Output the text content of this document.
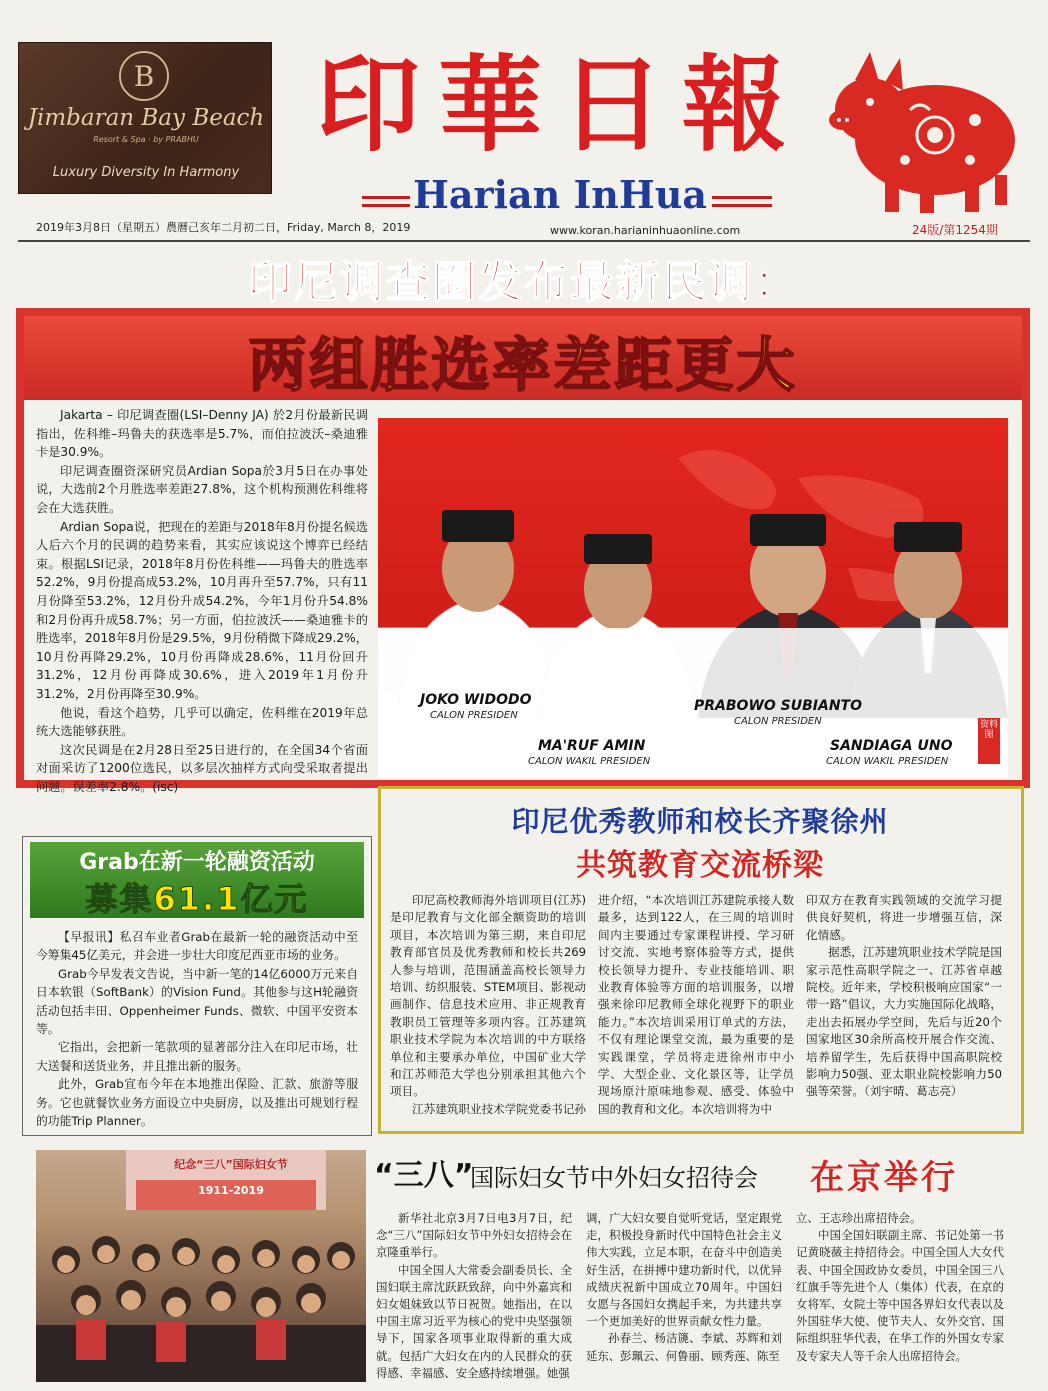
B
Jimbaran Bay Beach
Resort & Spa · by PRABHU
Luxury Diversity In Harmony
印華日報
Harian InHua
2019年3月8日（星期五）農曆己亥年二月初二日，Friday, March 8，2019	www.koran.harianinhuaonline.com	24版/第1254期
印尼调查圈发布最新民调：
两组胜选率差距更大

Jakarta – 印尼调查圈(LSI–Denny JA) 於2月份最新民调指出，佐科维–玛鲁夫的获选率是5.7%，而伯拉波沃–桑迪雅卡是30.9%。

印尼调查圈资深研究员Ardian Sopa於3月5日在办事处说，大选前2个月胜选率差距27.8%，这个机构预测佐科维将会在大选获胜。

Ardian Sopa说，把现在的差距与2018年8月份提名候选人后六个月的民调的趋势来看，其实应该说这个博弈已经结束。根据LSI记录，2018年8月份佐科维——玛鲁夫的胜选率52.2%，9月份提高成53.2%，10月再升至57.7%，只有11月份降至53.2%，12月份升成54.2%，今年1月份升54.8%和2月份再升成58.7%；另一方面，伯拉波沃——桑迪雅卡的胜选率，2018年8月份是29.5%，9月份稍微下降成29.2%，10月份再降29.2%，10月份再降成28.6%，11月份回升31.2%，12月份再降成30.6%，进入2019年1月份升31.2%，2月份再降至30.9%。

他说，看这个趋势，几乎可以确定，佐科维在2019年总统大选能够获胜。

这次民调是在2月28日至25日进行的，在全国34个省面对面采访了1200位选民，以多层次抽样方式向受采取者提出问题。误差率2.8%。(isc)

JOKO WIDODO
CALON PRESIDEN
MA'RUF AMIN
CALON WAKIL PRESIDEN
PRABOWO SUBIANTO
CALON PRESIDEN
SANDIAGA UNO
CALON WAKIL PRESIDEN
资料图
印尼优秀教师和校长齐聚徐州
共筑教育交流桥梁

印尼高校教师海外培训项目(江苏)是印尼教育与文化部全额资助的培训项目，本次培训为第三期，来自印尼教育部官员及优秀教师和校长共269人参与培训，范围涵盖高校长领导力培训、纺织服装、STEM项目、影视动画制作、信息技术应用、非正规教育教职员工管理等多项内容。江苏建筑职业技术学院为本次培训的中方联络单位和主要承办单位，中国矿业大学和江苏师范大学也分别承担其他六个项目。

江苏建筑职业技术学院党委书记孙

进介绍，“本次培训江苏建院承接人数最多，达到122人，在三周的培训时间内主要通过专家课程讲授、学习研讨交流、实地考察体验等方式，提供校长领导力提升、专业技能培训、职业教育体验等方面的培训服务，以增强来徐印尼教师全球化视野下的职业能力。”本次培训采用订单式的方法，不仅有理论课堂交流，最为重要的是实践课堂，学员将走进徐州市中小学、大型企业、文化景区等，让学员现场原汁原味地参观、感受、体验中国的教育和文化。本次培训将为中

印双方在教育实践领域的交流学习提供良好契机，将进一步增强互信，深化情感。

据悉，江苏建筑职业技术学院是国家示范性高职学院之一、江苏省卓越院校。近年来，学校积极响应国家“一带一路”倡议，大力实施国际化战略，走出去拓展办学空间，先后与近20个国家地区30余所高校开展合作交流、培养留学生，先后获得中国高职院校影响力50强、亚太职业院校影响力50强等荣誉。（刘宇晴、葛志亮）

Grab在新一轮融资活动
募集61.1亿元

【早报讯】私召车业者Grab在最新一轮的融资活动中至今筹集45亿美元，并会进一步壮大印度尼西亚市场的业务。

Grab今早发表文告说，当中新一笔的14亿6000万元来自日本软银（SoftBank）的Vision Fund。其他参与这H轮融资活动包括丰田、Oppenheimer Funds、微软、中国平安资本等。

它指出，会把新一笔款项的显著部分注入在印尼市场，壮大送餐和送货业务，并且推出新的服务。

此外，Grab宣布今年在本地推出保险、汇款、旅游等服务。它也就餐饮业务方面设立中央厨房，以及推出可规划行程的功能Trip Planner。

纪念“三八”国际妇女节
1911-2019	“三八”
国际妇女节中外妇女招待会 在京举行

新华社北京3月7日电3月7日，纪念“三八”国际妇女节中外妇女招待会在京隆重举行。

中国全国人大常委会副委员长、全国妇联主席沈跃跃致辞，向中外嘉宾和妇女姐妹致以节日祝贺。她指出，在以中国主席习近平为核心的党中央坚强领导下，国家各项事业取得新的重大成就。包括广大妇女在内的人民群众的获得感、幸福感、安全感持续增强。她强

调，广大妇女要自觉听党话，坚定跟党走，积极投身新时代中国特色社会主义伟大实践，立足本职，在奋斗中创造美好生活，在拼搏中建功新时代，以优异成绩庆祝新中国成立70周年。中国妇女愿与各国妇女携起手来，为共建共享一个更加美好的世界贡献女性力量。

孙春兰、杨洁篪、李斌、苏辉和刘延东、彭珮云、何鲁丽、顾秀莲、陈至

立、王志珍出席招待会。

中国全国妇联副主席、书记处第一书记黄晓薇主持招待会。中国全国人大女代表、中国全国政协女委员，中国全国三八红旗手等先进个人（集体）代表，在京的女将军、女院士等中国各界妇女代表以及外国驻华大使、使节夫人、女外交官、国际组织驻华代表，在华工作的外国女专家及专家夫人等千余人出席招待会。
